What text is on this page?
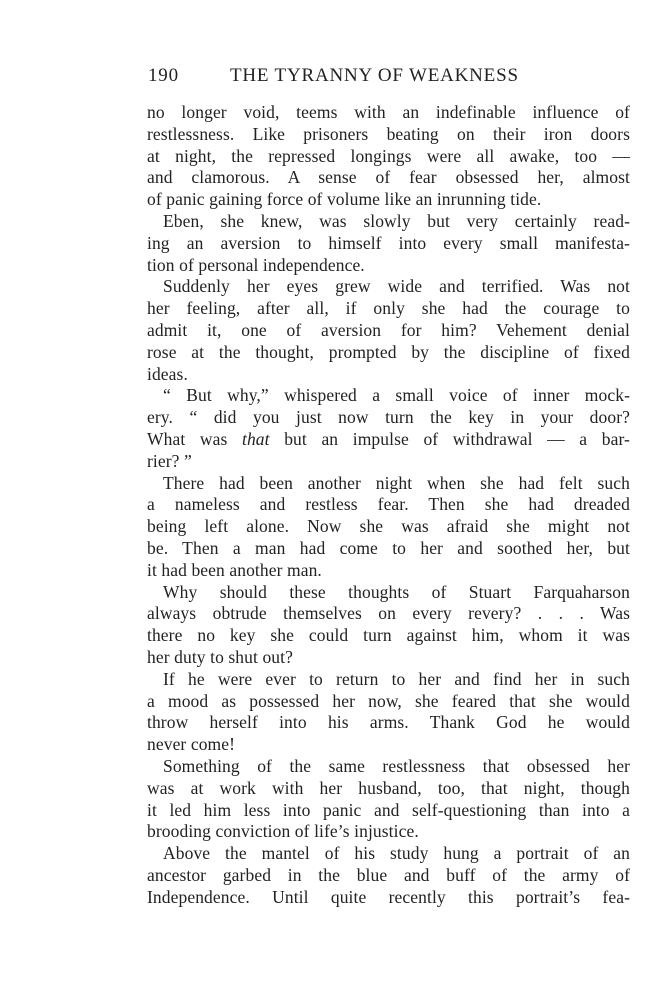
190	THE TYRANNY OF WEAKNESS
no longer void, teems with an indefinable influence of
restlessness. Like prisoners beating on their iron doors
at night, the repressed longings were all awake, too —
and clamorous. A sense of fear obsessed her, almost
of panic gaining force of volume like an inrunning tide.
Eben, she knew, was slowly but very certainly read-
ing an aversion to himself into every small manifesta-
tion of personal independence.
Suddenly her eyes grew wide and terrified. Was not
her feeling, after all, if only she had the courage to
admit it, one of aversion for him? Vehement denial
rose at the thought, prompted by the discipline of fixed
ideas.
“ But why,” whispered a small voice of inner mock-
ery. “ did you just now turn the key in your door?
What was that but an impulse of withdrawal — a bar-
rier? ”
There had been another night when she had felt such
a nameless and restless fear. Then she had dreaded
being left alone. Now she was afraid she might not
be. Then a man had come to her and soothed her, but
it had been another man.
Why should these thoughts of Stuart Farquaharson
always obtrude themselves on every revery? . . . Was
there no key she could turn against him, whom it was
her duty to shut out?
If he were ever to return to her and find her in such
a mood as possessed her now, she feared that she would
throw herself into his arms. Thank God he would
never come!
Something of the same restlessness that obsessed her
was at work with her husband, too, that night, though
it led him less into panic and self-questioning than into a
brooding conviction of life’s injustice.
Above the mantel of his study hung a portrait of an
ancestor garbed in the blue and buff of the army of
Independence. Until quite recently this portrait’s fea-
